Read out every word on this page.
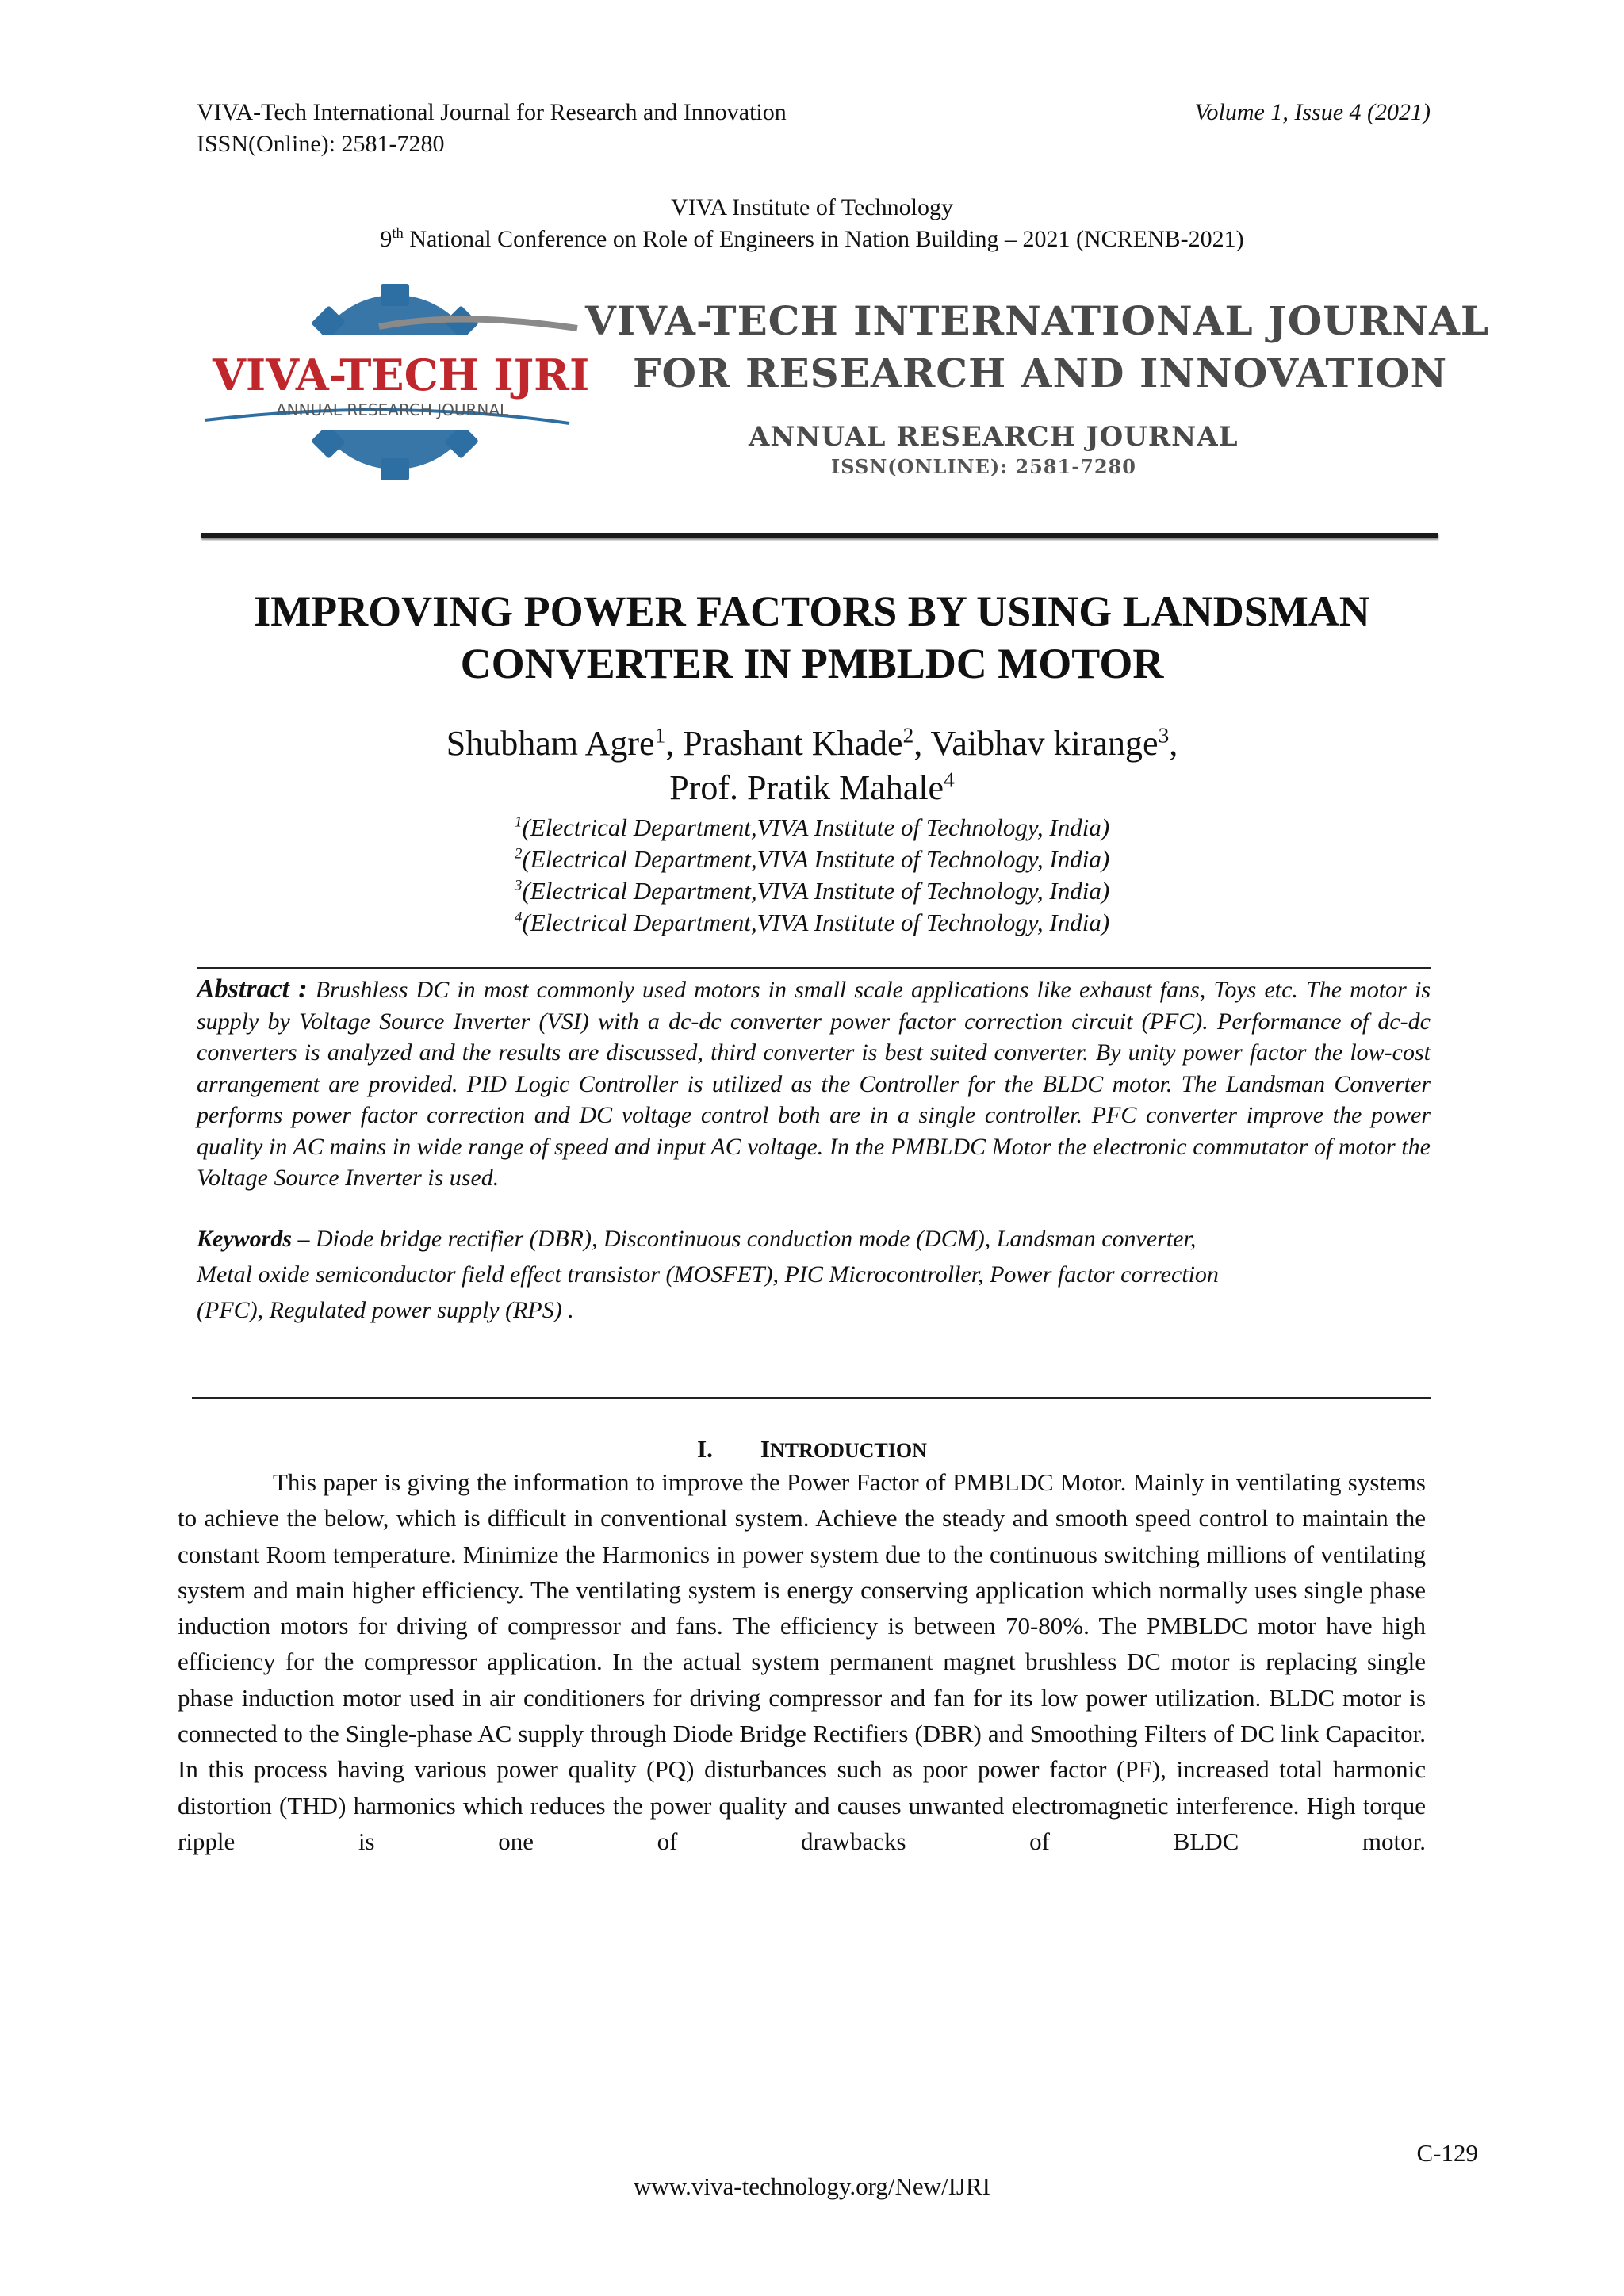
VIVA-Tech International Journal for Research and Innovation
ISSN(Online): 2581-7280
Volume 1, Issue 4 (2021)
VIVA Institute of Technology
9th National Conference on Role of Engineers in Nation Building – 2021 (NCRENB-2021)
VIVA-TECH IJRI
ANNUAL RESEARCH JOURNAL
VIVA-TECH INTERNATIONAL JOURNAL
FOR RESEARCH AND INNOVATION
ANNUAL RESEARCH JOURNAL
ISSN(ONLINE): 2581-7280
IMPROVING POWER FACTORS BY USING LANDSMAN
CONVERTER IN PMBLDC MOTOR
Shubham Agre$^1$, Prashant Khade$^2$, Vaibhav kirange$^3$,
Prof. Pratik Mahale$^4$
$^1$(Electrical Department,VIVA Institute of Technology, India)
$^2$(Electrical Department,VIVA Institute of Technology, India)
$^3$(Electrical Department,VIVA Institute of Technology, India)
$^4$(Electrical Department,VIVA Institute of Technology, India)
Abstract : Brushless DC in most commonly used motors in small scale applications like exhaust fans, Toys etc. The motor is supply by Voltage Source Inverter (VSI) with a dc-dc converter power factor correction circuit (PFC). Performance of dc-dc converters is analyzed and the results are discussed, third converter is best suited converter. By unity power factor the low-cost arrangement are provided. PID Logic Controller is utilized as the Controller for the BLDC motor. The Landsman Converter performs power factor correction and DC voltage control both are in a single controller. PFC converter improve the power quality in AC mains in wide range of speed and input AC voltage. In the PMBLDC Motor the electronic commutator of motor the Voltage Source Inverter is used.
Keywords – Diode bridge rectifier (DBR), Discontinuous conduction mode (DCM), Landsman converter,
Metal oxide semiconductor field effect transistor (MOSFET), PIC Microcontroller, Power factor correction
(PFC), Regulated power supply (RPS) .
I. INTRODUCTION

This paper is giving the information to improve the Power Factor of PMBLDC Motor. Mainly in ventilating systems to achieve the below, which is difficult in conventional system. Achieve the steady and smooth speed control to maintain the constant Room temperature. Minimize the Harmonics in power system due to the continuous switching millions of ventilating system and main higher efficiency. The ventilating system is energy conserving application which normally uses single phase induction motors for driving of compressor and fans. The efficiency is between 70-80%. The PMBLDC motor have high efficiency for the compressor application. In the actual system permanent magnet brushless DC motor is replacing single phase induction motor used in air conditioners for driving compressor and fan for its low power utilization. BLDC motor is connected to the Single-phase AC supply through Diode Bridge Rectifiers (DBR) and Smoothing Filters of DC link Capacitor. In this process having various power quality (PQ) disturbances such as poor power factor (PF), increased total harmonic distortion (THD) harmonics which reduces the power quality and causes unwanted electromagnetic interference. High torque ripple is one of drawbacks of BLDC motor.

C-129
www.viva-technology.org/New/IJRI
